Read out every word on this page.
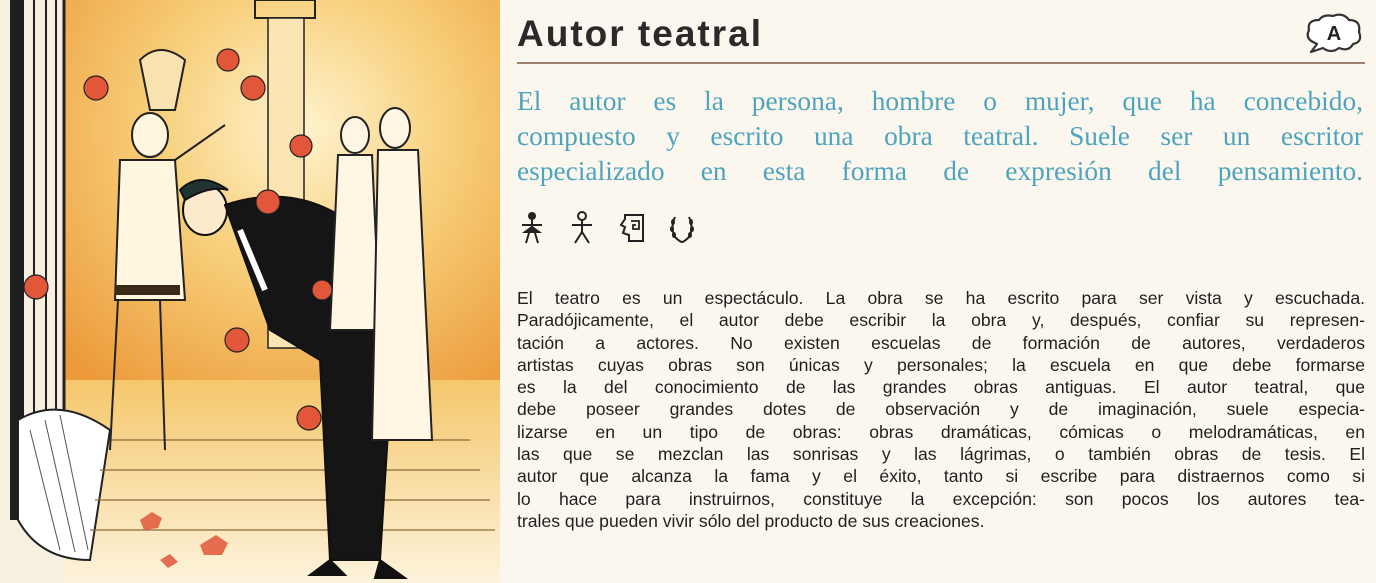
Autor teatral	A

El autor es la persona, hombre o mujer, que ha concebido,
compuesto y escrito una obra teatral. Suele ser un escritor
especializado en esta forma de expresión del pensamiento.

El teatro es un espectáculo. La obra se ha escrito para ser vista y escuchada.
Paradójicamente, el autor debe escribir la obra y, después, confiar su represen-
tación a actores. No existen escuelas de formación de autores, verdaderos
artistas cuyas obras son únicas y personales; la escuela en que debe formarse
es la del conocimiento de las grandes obras antiguas. El autor teatral, que
debe poseer grandes dotes de observación y de imaginación, suele especia-
lizarse en un tipo de obras: obras dramáticas, cómicas o melodramáticas, en
las que se mezclan las sonrisas y las lágrimas, o también obras de tesis. El
autor que alcanza la fama y el éxito, tanto si escribe para distraernos como si
lo hace para instruirnos, constituye la excepción: son pocos los autores tea-
trales que pueden vivir sólo del producto de sus creaciones.
